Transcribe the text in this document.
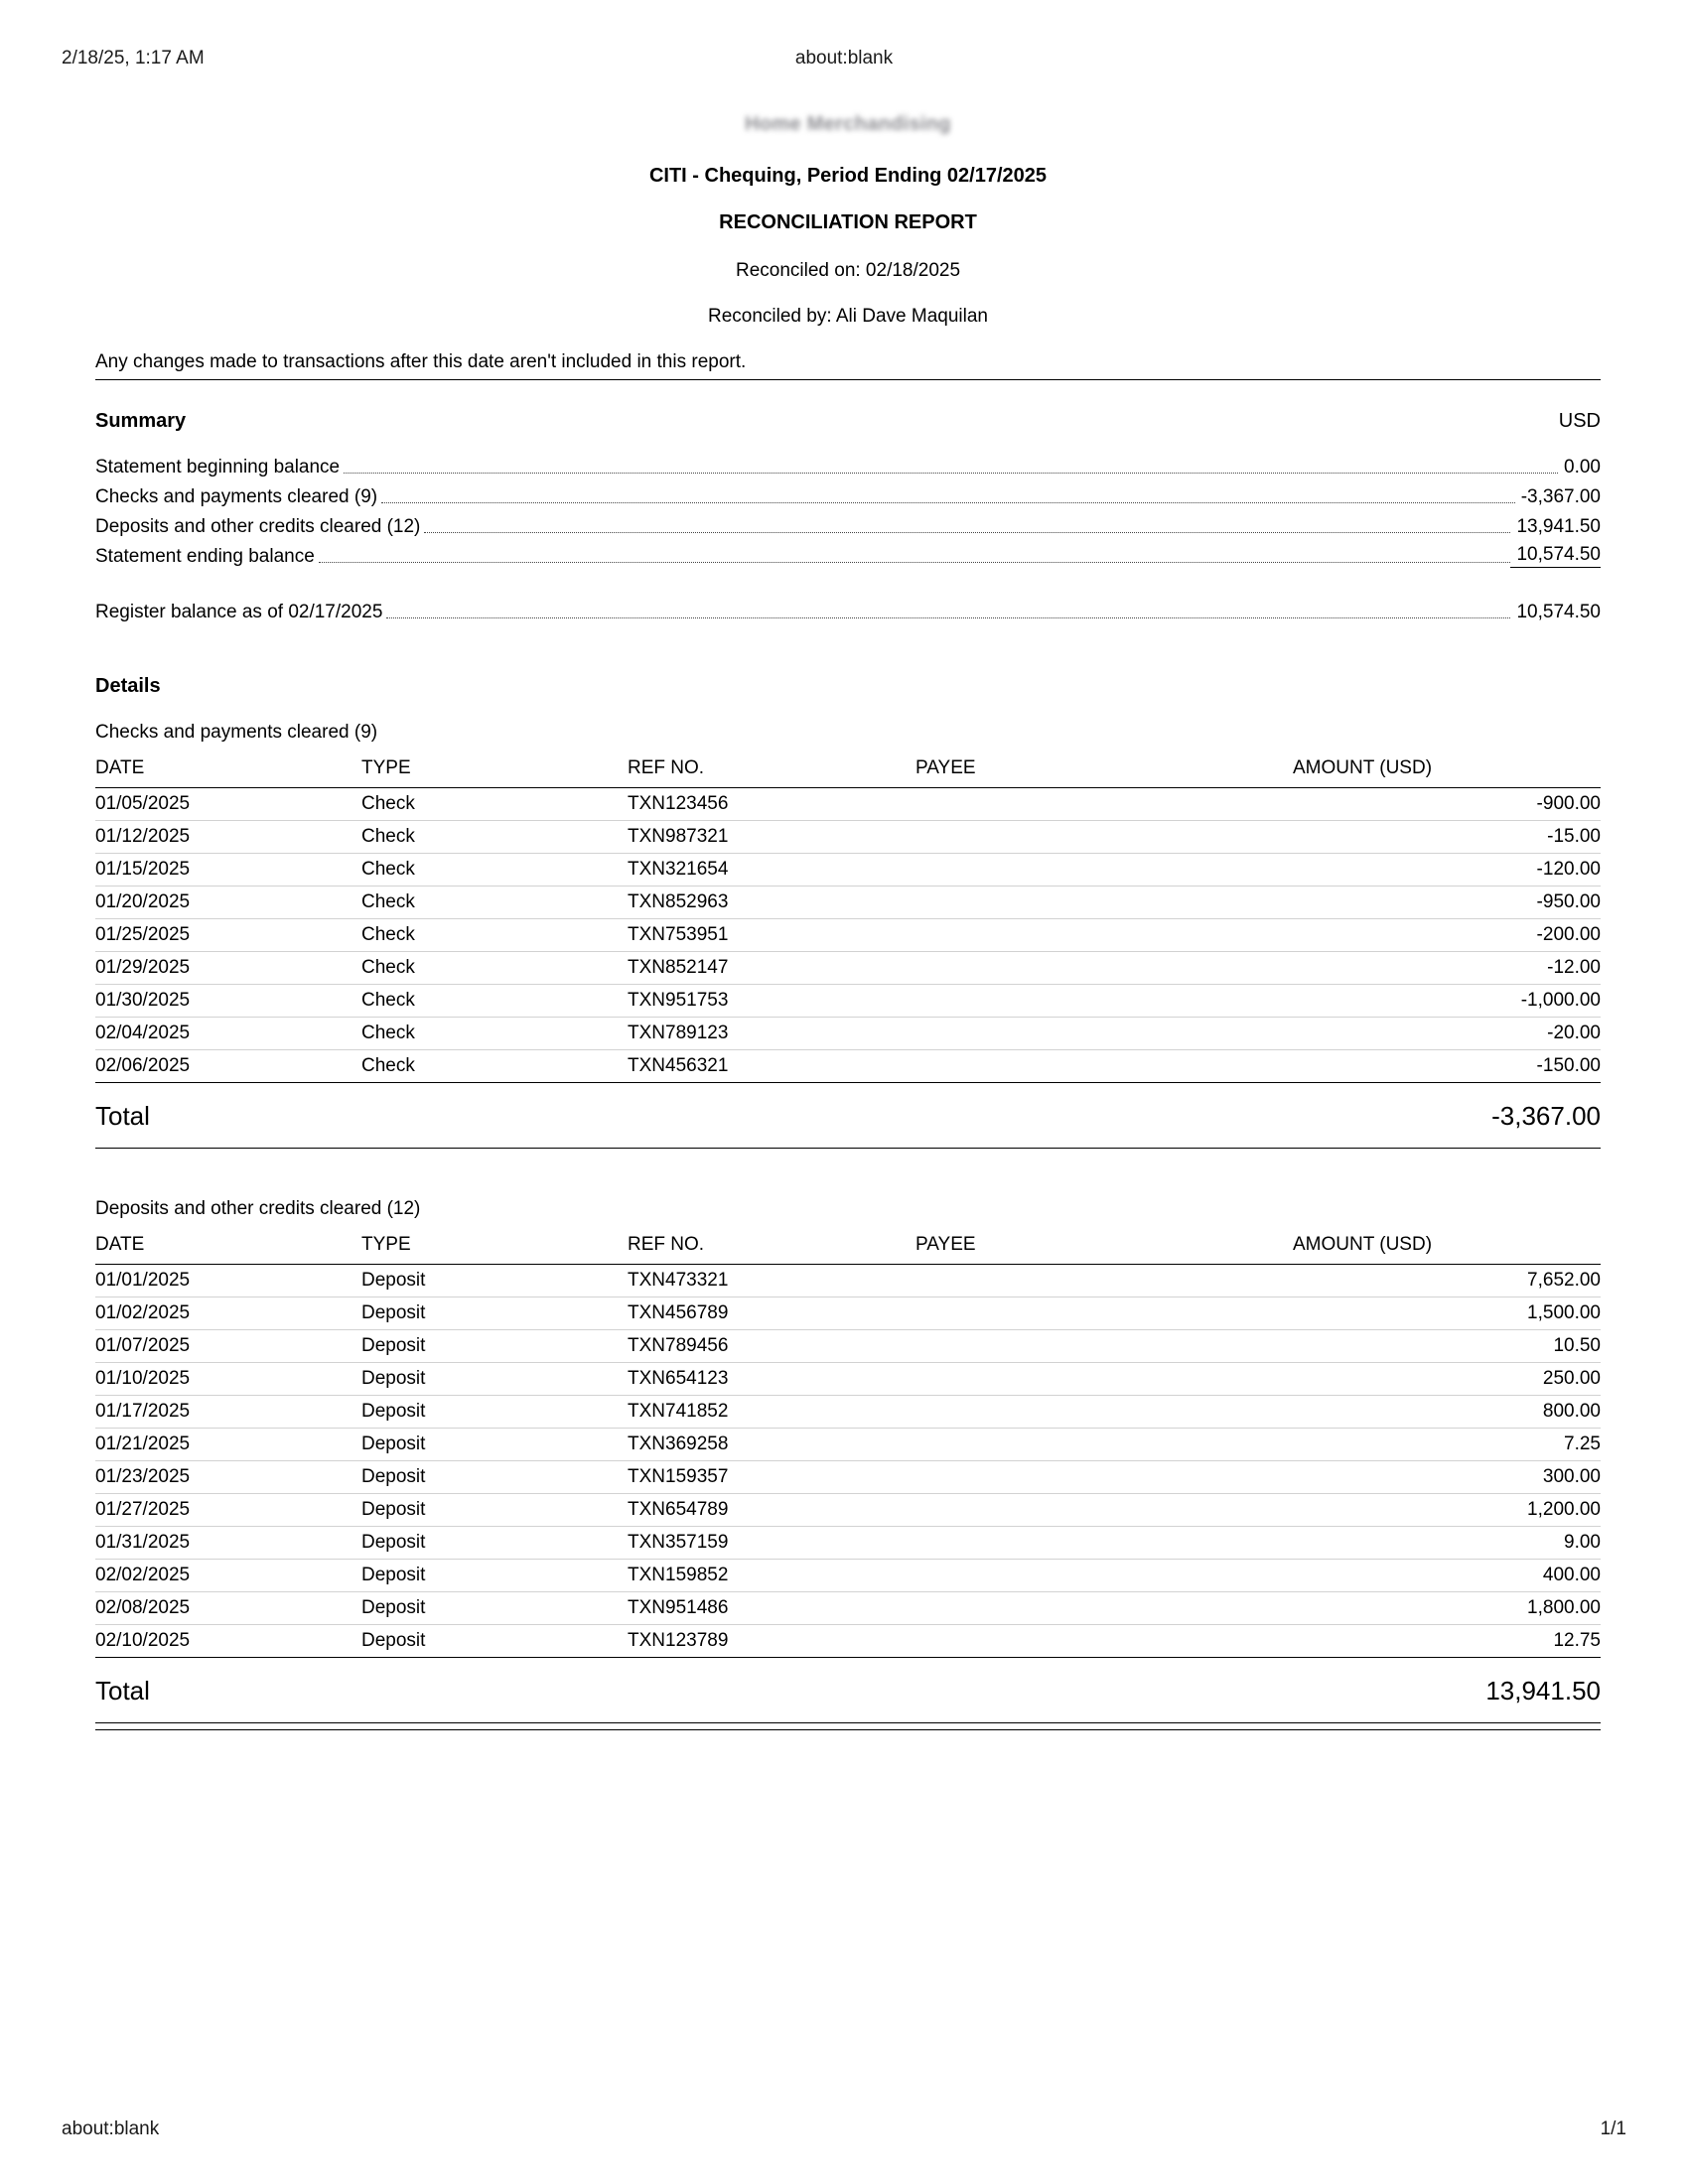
2/18/25, 1:17 AM	about:blank
Home Merchandising
CITI - Chequing, Period Ending 02/17/2025
RECONCILIATION REPORT
Reconciled on: 02/18/2025
Reconciled by: Ali Dave Maquilan
Any changes made to transactions after this date aren't included in this report.
Summary	USD
Statement beginning balance	0.00
Checks and payments cleared (9)	-3,367.00
Deposits and other credits cleared (12)	13,941.50
Statement ending balance	10,574.50
Register balance as of 02/17/2025	10,574.50
Details
Checks and payments cleared (9)
DATE	TYPE	REF NO.	PAYEE	AMOUNT (USD)
01/05/2025	Check	TXN123456		-900.00
01/12/2025	Check	TXN987321		-15.00
01/15/2025	Check	TXN321654		-120.00
01/20/2025	Check	TXN852963		-950.00
01/25/2025	Check	TXN753951		-200.00
01/29/2025	Check	TXN852147		-12.00
01/30/2025	Check	TXN951753		-1,000.00
02/04/2025	Check	TXN789123		-20.00
02/06/2025	Check	TXN456321		-150.00
Total	-3,367.00
Deposits and other credits cleared (12)
DATE	TYPE	REF NO.	PAYEE	AMOUNT (USD)
01/01/2025	Deposit	TXN473321		7,652.00
01/02/2025	Deposit	TXN456789		1,500.00
01/07/2025	Deposit	TXN789456		10.50
01/10/2025	Deposit	TXN654123		250.00
01/17/2025	Deposit	TXN741852		800.00
01/21/2025	Deposit	TXN369258		7.25
01/23/2025	Deposit	TXN159357		300.00
01/27/2025	Deposit	TXN654789		1,200.00
01/31/2025	Deposit	TXN357159		9.00
02/02/2025	Deposit	TXN159852		400.00
02/08/2025	Deposit	TXN951486		1,800.00
02/10/2025	Deposit	TXN123789		12.75
Total	13,941.50
about:blank	1/1
